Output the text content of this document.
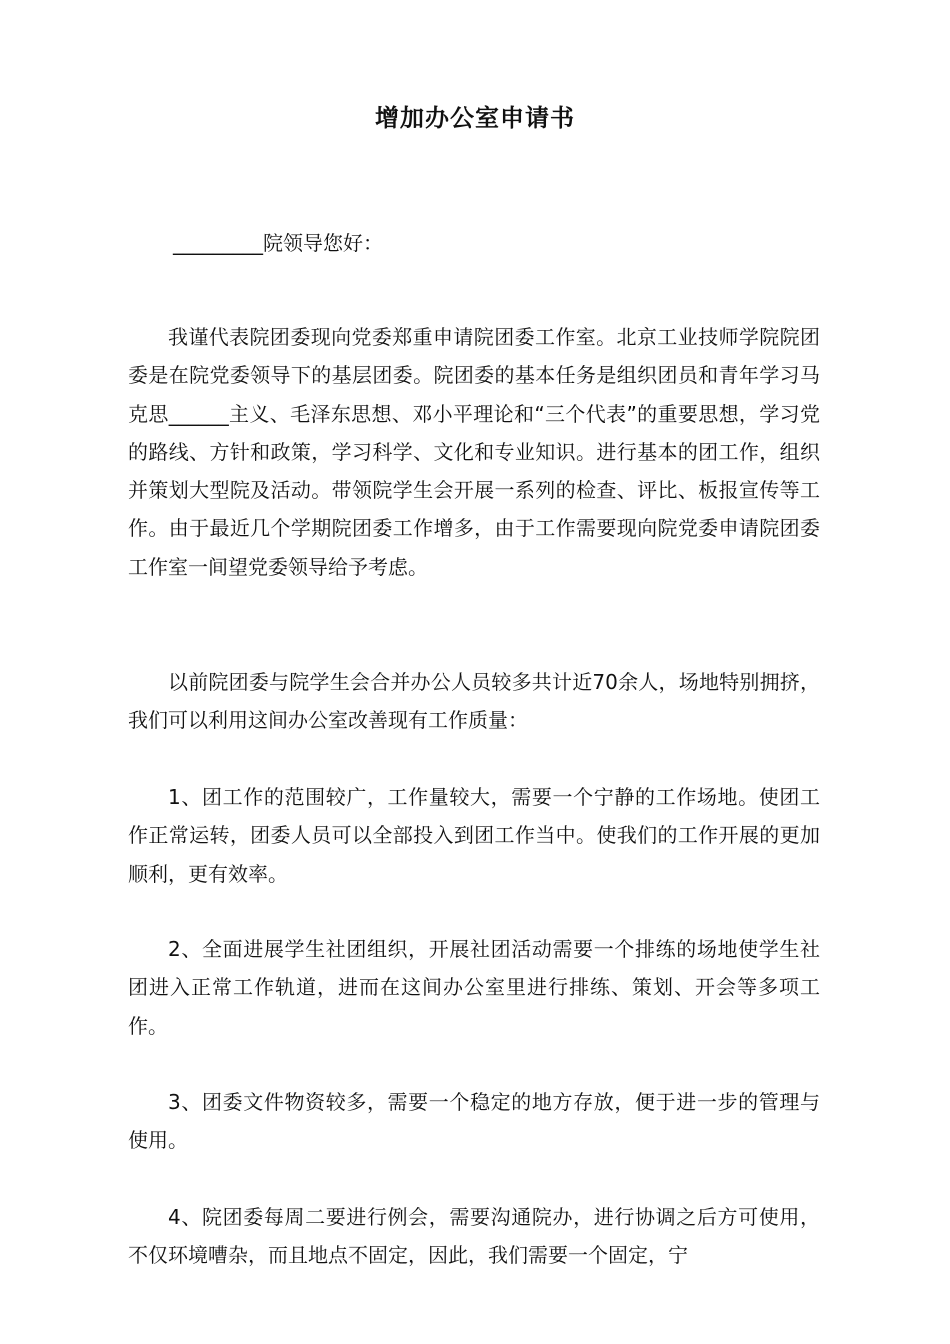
增加办公室申请书
_________院领导您好：

我谨代表院团委现向党委郑重申请院团委工作室。北京工业技师学院院团委是在院党委领导下的基层团委。院团委的基本任务是组织团员和青年学习马克思______主义、毛泽东思想、邓小平理论和“三个代表”的重要思想，学习党的路线、方针和政策，学习科学、文化和专业知识。进行基本的团工作，组织并策划大型院及活动。带领院学生会开展一系列的检查、评比、板报宣传等工作。由于最近几个学期院团委工作增多，由于工作需要现向院党委申请院团委工作室一间望党委领导给予考虑。

以前院团委与院学生会合并办公人员较多共计近70余人，场地特别拥挤，我们可以利用这间办公室改善现有工作质量：

1、团工作的范围较广，工作量较大，需要一个宁静的工作场地。使团工作正常运转，团委人员可以全部投入到团工作当中。使我们的工作开展的更加顺利，更有效率。

2、全面进展学生社团组织，开展社团活动需要一个排练的场地使学生社团进入正常工作轨道，进而在这间办公室里进行排练、策划、开会等多项工作。

3、团委文件物资较多，需要一个稳定的地方存放，便于进一步的管理与使用。

4、院团委每周二要进行例会，需要沟通院办，进行协调之后方可使用，不仅环境嘈杂，而且地点不固定，因此，我们需要一个固定，宁
